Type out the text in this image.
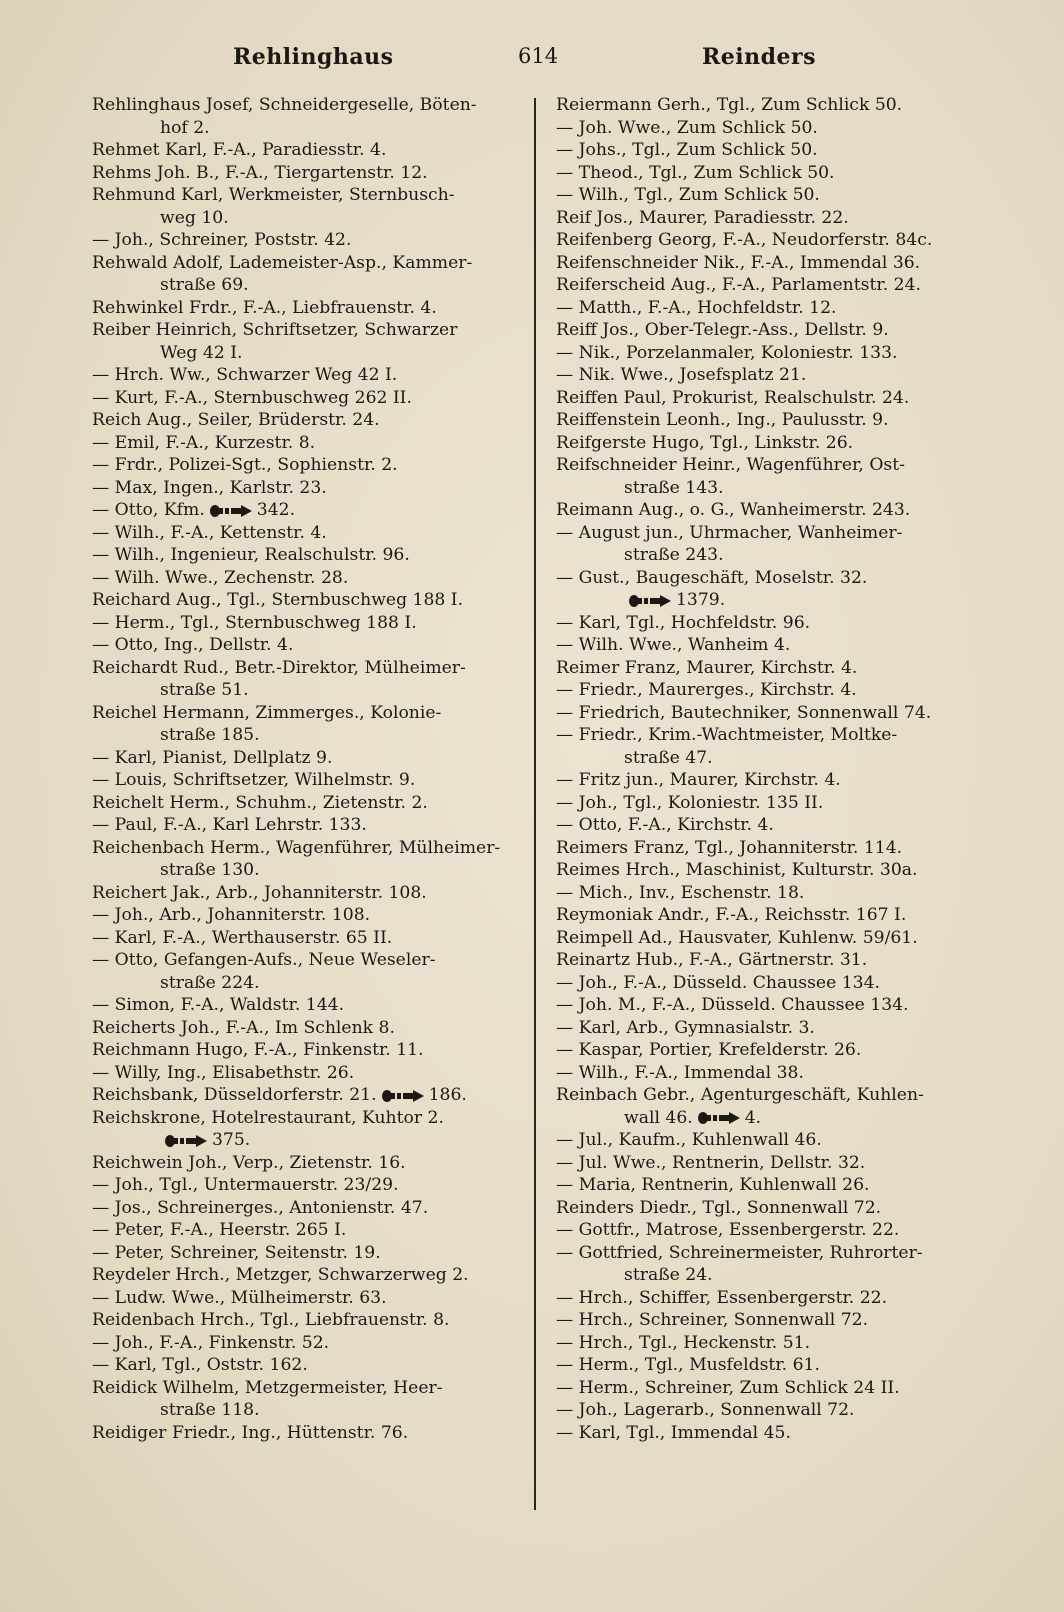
Rehlinghaus	614	Reinders
Rehlinghaus Josef, Schneidergeselle, Böten-
hof 2.
Rehmet Karl, F.-A., Paradiesstr. 4.
Rehms Joh. B., F.-A., Tiergartenstr. 12.
Rehmund Karl, Werkmeister, Sternbusch-
weg 10.
— Joh., Schreiner, Poststr. 42.
Rehwald Adolf, Lademeister-Asp., Kammer-
straße 69.
Rehwinkel Frdr., F.-A., Liebfrauenstr. 4.
Reiber Heinrich, Schriftsetzer, Schwarzer
Weg 42 I.
— Hrch. Ww., Schwarzer Weg 42 I.
— Kurt, F.-A., Sternbuschweg 262 II.
Reich Aug., Seiler, Brüderstr. 24.
— Emil, F.-A., Kurzestr. 8.
— Frdr., Polizei-Sgt., Sophienstr. 2.
— Max, Ingen., Karlstr. 23.
— Otto, Kfm.	342.
— Wilh., F.-A., Kettenstr. 4.
— Wilh., Ingenieur, Realschulstr. 96.
— Wilh. Wwe., Zechenstr. 28.
Reichard Aug., Tgl., Sternbuschweg 188 I.
— Herm., Tgl., Sternbuschweg 188 I.
— Otto, Ing., Dellstr. 4.
Reichardt Rud., Betr.-Direktor, Mülheimer-
straße 51.
Reichel Hermann, Zimmerges., Kolonie-
straße 185.
— Karl, Pianist, Dellplatz 9.
— Louis, Schriftsetzer, Wilhelmstr. 9.
Reichelt Herm., Schuhm., Zietenstr. 2.
— Paul, F.-A., Karl Lehrstr. 133.
Reichenbach Herm., Wagenführer, Mülheimer-
straße 130.
Reichert Jak., Arb., Johanniterstr. 108.
— Joh., Arb., Johanniterstr. 108.
— Karl, F.-A., Werthauserstr. 65 II.
— Otto, Gefangen-Aufs., Neue Weseler-
straße 224.
— Simon, F.-A., Waldstr. 144.
Reicherts Joh., F.-A., Im Schlenk 8.
Reichmann Hugo, F.-A., Finkenstr. 11.
— Willy, Ing., Elisabethstr. 26.
Reichsbank, Düsseldorferstr. 21.	186.
Reichskrone, Hotelrestaurant, Kuhtor 2.
375.
Reichwein Joh., Verp., Zietenstr. 16.
— Joh., Tgl., Untermauerstr. 23/29.
— Jos., Schreinerges., Antonienstr. 47.
— Peter, F.-A., Heerstr. 265 I.
— Peter, Schreiner, Seitenstr. 19.
Reydeler Hrch., Metzger, Schwarzerweg 2.
— Ludw. Wwe., Mülheimerstr. 63.
Reidenbach Hrch., Tgl., Liebfrauenstr. 8.
— Joh., F.-A., Finkenstr. 52.
— Karl, Tgl., Oststr. 162.
Reidick Wilhelm, Metzgermeister, Heer-
straße 118.
Reidiger Friedr., Ing., Hüttenstr. 76.
Reiermann Gerh., Tgl., Zum Schlick 50.
— Joh. Wwe., Zum Schlick 50.
— Johs., Tgl., Zum Schlick 50.
— Theod., Tgl., Zum Schlick 50.
— Wilh., Tgl., Zum Schlick 50.
Reif Jos., Maurer, Paradiesstr. 22.
Reifenberg Georg, F.-A., Neudorferstr. 84c.
Reifenschneider Nik., F.-A., Immendal 36.
Reiferscheid Aug., F.-A., Parlamentstr. 24.
— Matth., F.-A., Hochfeldstr. 12.
Reiff Jos., Ober-Telegr.-Ass., Dellstr. 9.
— Nik., Porzelanmaler, Koloniestr. 133.
— Nik. Wwe., Josefsplatz 21.
Reiffen Paul, Prokurist, Realschulstr. 24.
Reiffenstein Leonh., Ing., Paulusstr. 9.
Reifgerste Hugo, Tgl., Linkstr. 26.
Reifschneider Heinr., Wagenführer, Ost-
straße 143.
Reimann Aug., o. G., Wanheimerstr. 243.
— August jun., Uhrmacher, Wanheimer-
straße 243.
— Gust., Baugeschäft, Moselstr. 32.
1379.
— Karl, Tgl., Hochfeldstr. 96.
— Wilh. Wwe., Wanheim 4.
Reimer Franz, Maurer, Kirchstr. 4.
— Friedr., Maurerges., Kirchstr. 4.
— Friedrich, Bautechniker, Sonnenwall 74.
— Friedr., Krim.-Wachtmeister, Moltke-
straße 47.
— Fritz jun., Maurer, Kirchstr. 4.
— Joh., Tgl., Koloniestr. 135 II.
— Otto, F.-A., Kirchstr. 4.
Reimers Franz, Tgl., Johanniterstr. 114.
Reimes Hrch., Maschinist, Kulturstr. 30a.
— Mich., Inv., Eschenstr. 18.
Reymoniak Andr., F.-A., Reichsstr. 167 I.
Reimpell Ad., Hausvater, Kuhlenw. 59/61.
Reinartz Hub., F.-A., Gärtnerstr. 31.
— Joh., F.-A., Düsseld. Chaussee 134.
— Joh. M., F.-A., Düsseld. Chaussee 134.
— Karl, Arb., Gymnasialstr. 3.
— Kaspar, Portier, Krefelderstr. 26.
— Wilh., F.-A., Immendal 38.
Reinbach Gebr., Agenturgeschäft, Kuhlen-
wall 46.	4.
— Jul., Kaufm., Kuhlenwall 46.
— Jul. Wwe., Rentnerin, Dellstr. 32.
— Maria, Rentnerin, Kuhlenwall 26.
Reinders Diedr., Tgl., Sonnenwall 72.
— Gottfr., Matrose, Essenbergerstr. 22.
— Gottfried, Schreinermeister, Ruhrorter-
straße 24.
— Hrch., Schiffer, Essenbergerstr. 22.
— Hrch., Schreiner, Sonnenwall 72.
— Hrch., Tgl., Heckenstr. 51.
— Herm., Tgl., Musfeldstr. 61.
— Herm., Schreiner, Zum Schlick 24 II.
— Joh., Lagerarb., Sonnenwall 72.
— Karl, Tgl., Immendal 45.
